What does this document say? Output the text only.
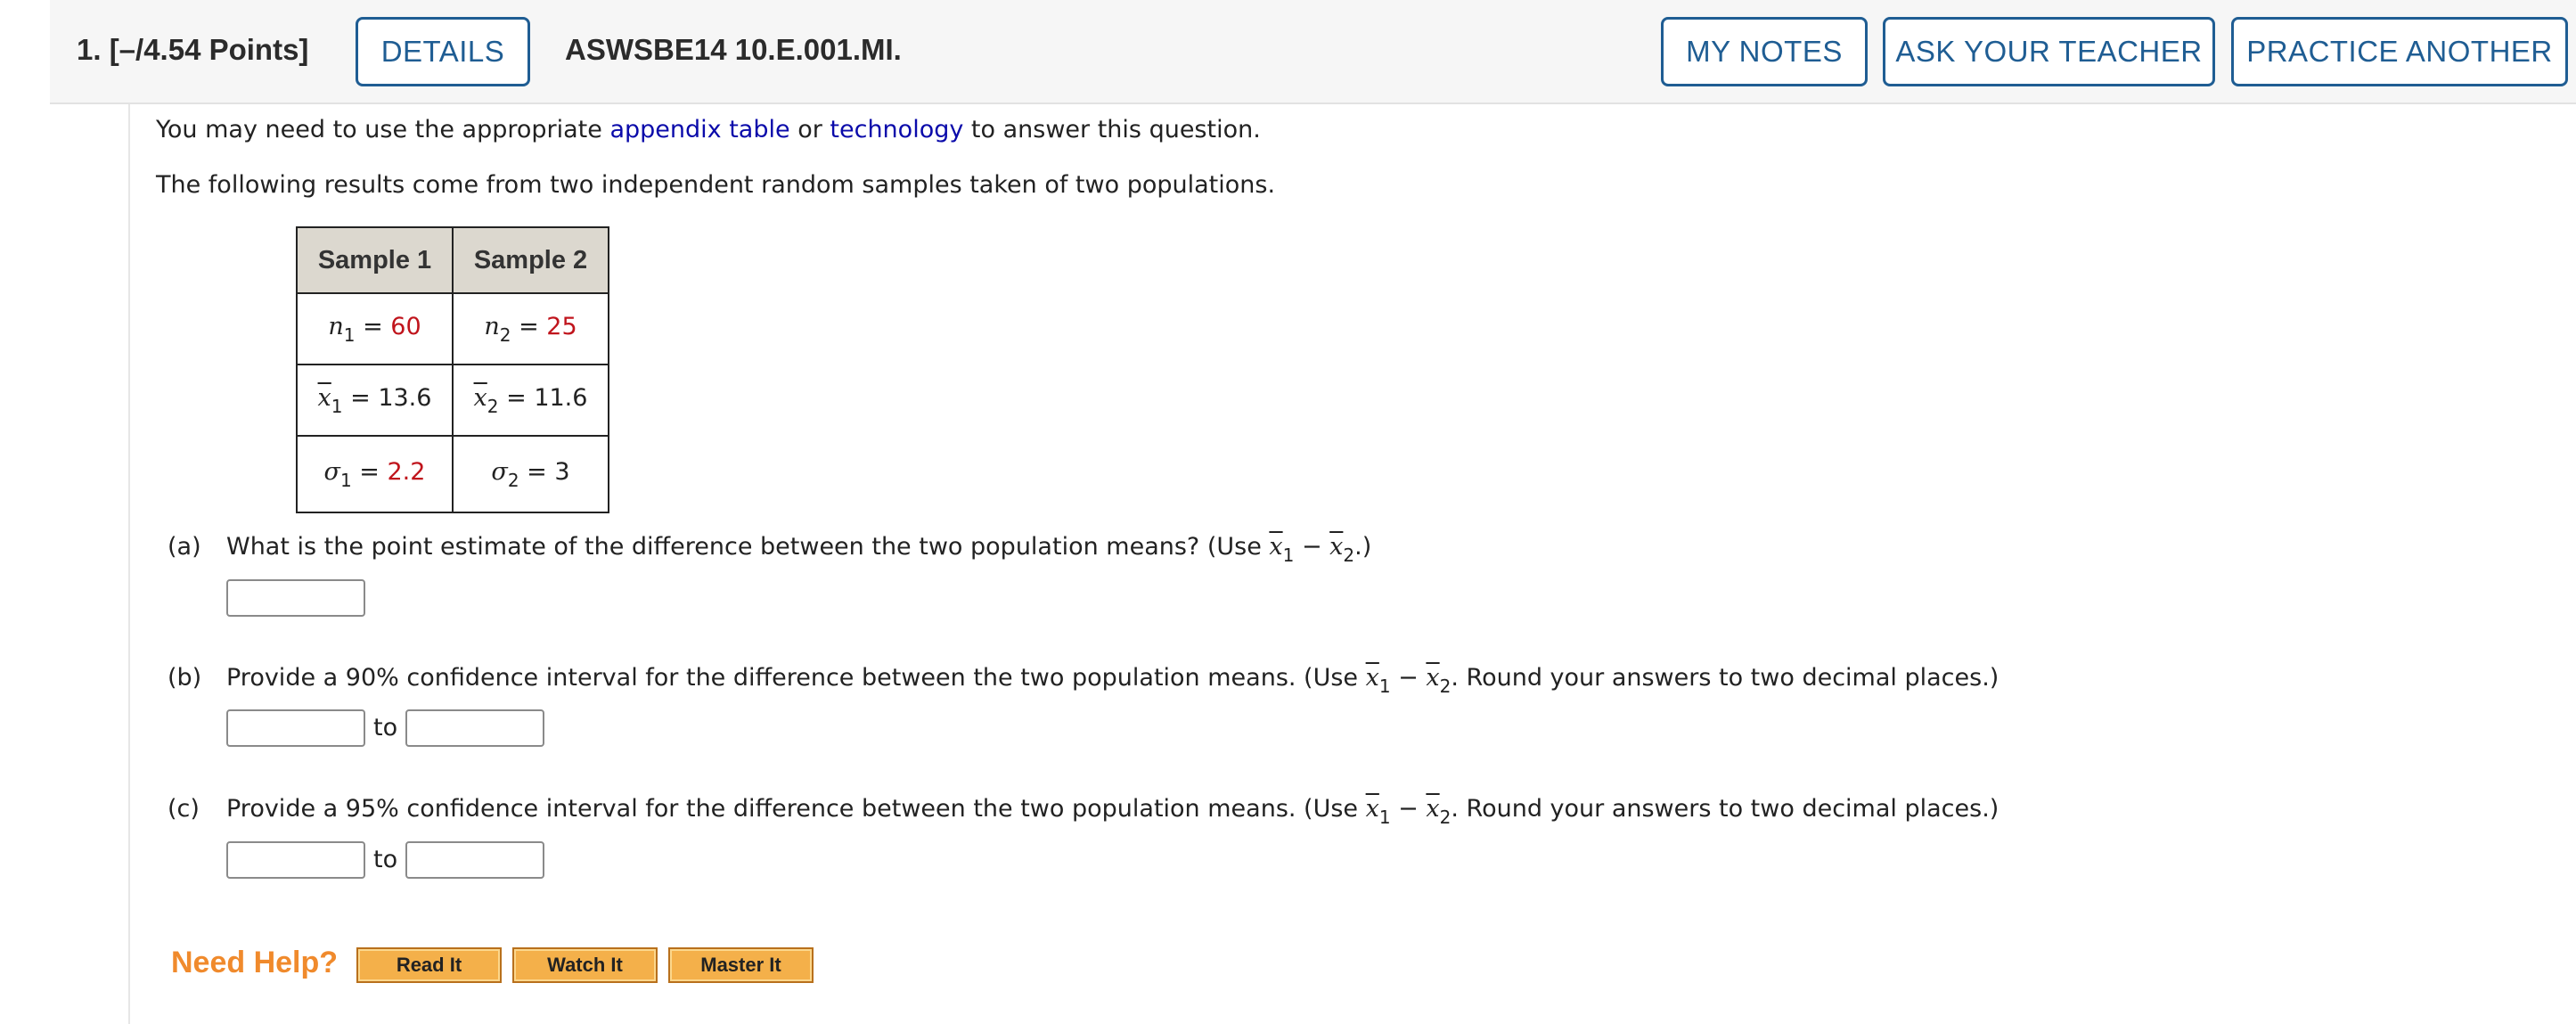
1. [–/4.54 Points]	DETAILS	ASWSBE14 10.E.001.MI.	MY NOTES	ASK YOUR TEACHER	PRACTICE ANOTHER
You may need to use the appropriate appendix table or technology to answer this question.
The following results come from two independent random samples taken of two populations.
Sample 1	Sample 2
$n_1 = 60$	$n_2 = 25$
$\overline{x}_1 = 13.6$	$\overline{x}_2 = 11.6$
$\sigma_1 = 2.2$	$\sigma_2 = 3$
(a) What is the point estimate of the difference between the two population means? (Use $\overline{x}_1 - \overline{x}_2$.)
(b) Provide a 90% confidence interval for the difference between the two population means. (Use $\overline{x}_1 - \overline{x}_2$. Round your answers to two decimal places.)
to
(c) Provide a 95% confidence interval for the difference between the two population means. (Use $\overline{x}_1 - \overline{x}_2$. Round your answers to two decimal places.)
to
Need Help?	Read It	Watch It	Master It
